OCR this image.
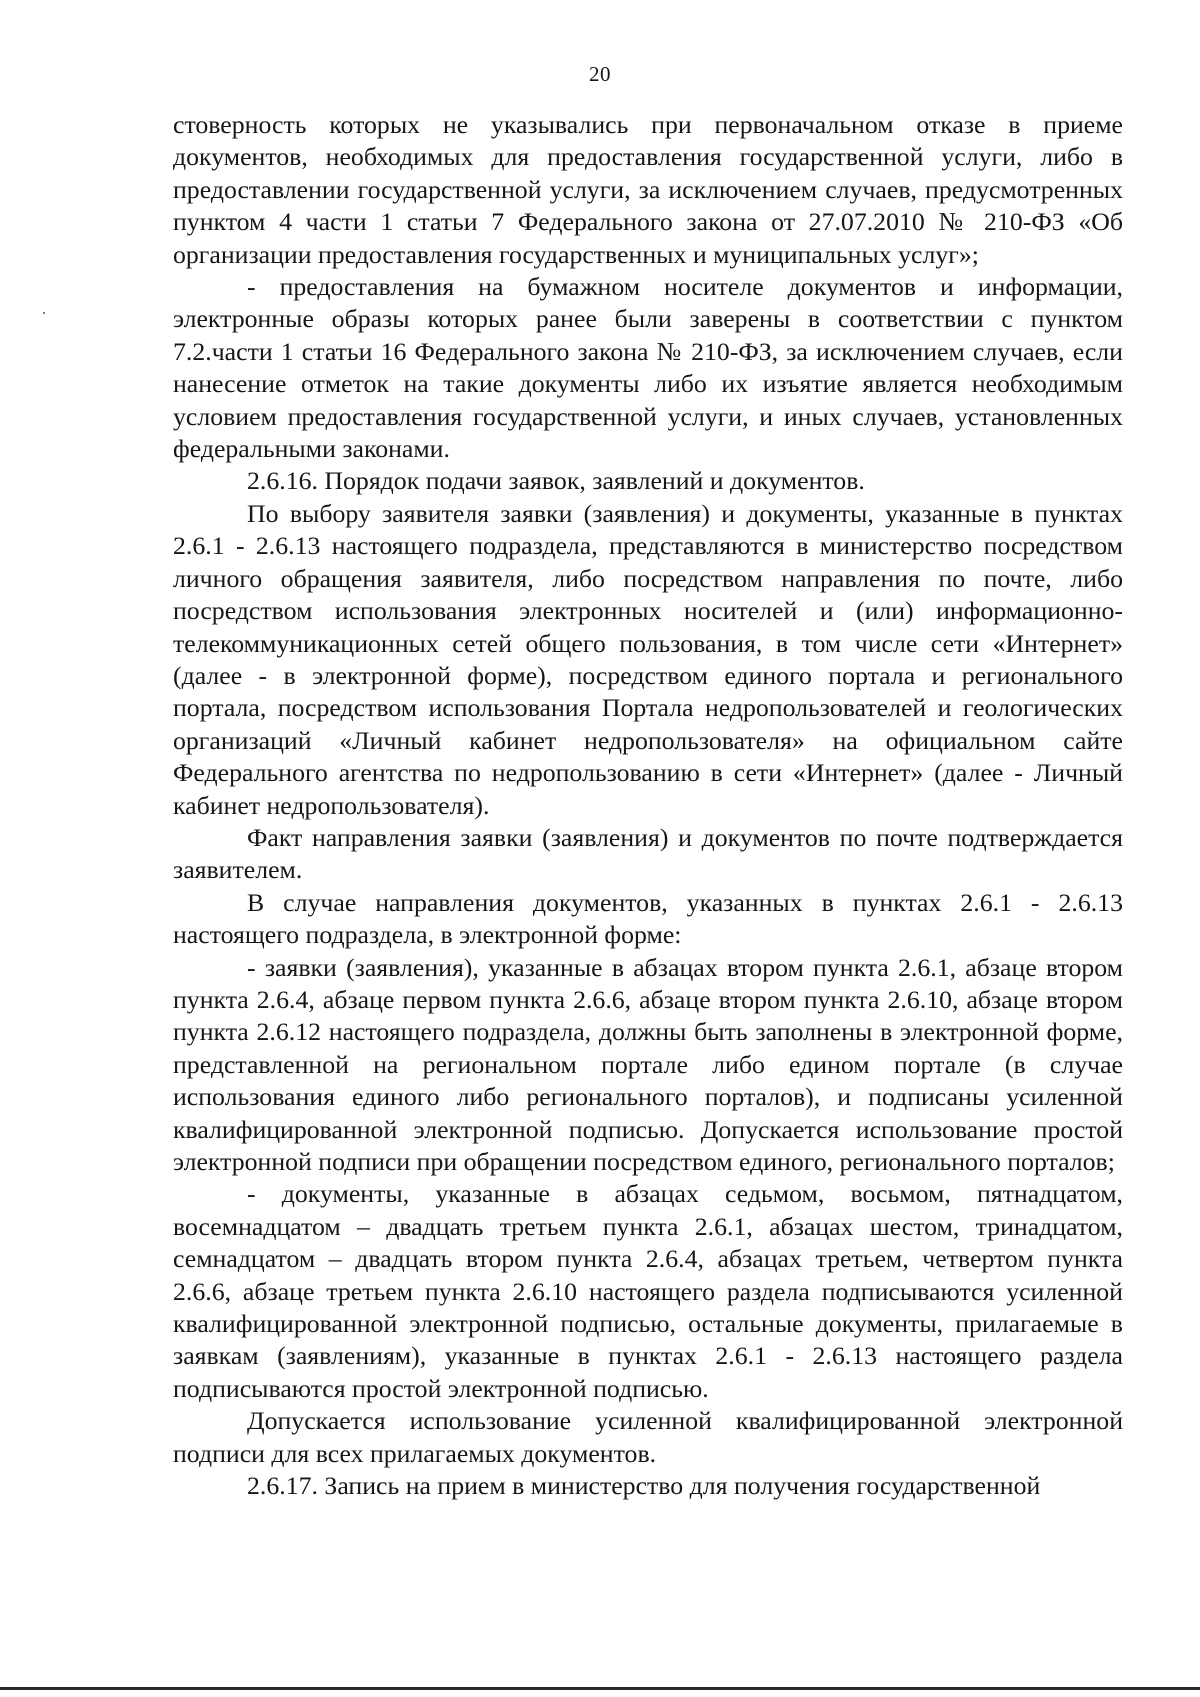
20

стоверность которых не указывались при первоначальном отказе в приеме документов, необходимых для предоставления государственной услуги, либо в предоставлении государственной услуги, за исключением случаев, предусмотренных пунктом 4 части 1 статьи 7 Федерального закона от 27.07.2010 № 210-ФЗ «Об организации предоставления государственных и муниципальных услуг»;

- предоставления на бумажном носителе документов и информации, электронные образы которых ранее были заверены в соответствии с пунктом 7.2.части 1 статьи 16 Федерального закона № 210-ФЗ, за исключением случаев, если нанесение отметок на такие документы либо их изъятие является необходимым условием предоставления государственной услуги, и иных случаев, установленных федеральными законами.

2.6.16. Порядок подачи заявок, заявлений и документов.

По выбору заявителя заявки (заявления) и документы, указанные в пунктах 2.6.1 - 2.6.13 настоящего подраздела, представляются в министерство посредством личного обращения заявителя, либо посредством направления по почте, либо посредством использования электронных носителей и (или) информационно-телекоммуникационных сетей общего пользования, в том числе сети «Интернет» (далее - в электронной форме), посредством единого портала и регионального портала, посредством использования Портала недропользователей и геологических организаций «Личный кабинет недропользователя» на официальном сайте Федерального агентства по недропользованию в сети «Интернет» (далее - Личный кабинет недропользователя).

Факт направления заявки (заявления) и документов по почте подтверждается заявителем.

В случае направления документов, указанных в пунктах 2.6.1 - 2.6.13 настоящего подраздела, в электронной форме:

- заявки (заявления), указанные в абзацах втором пункта 2.6.1, абзаце втором пункта 2.6.4, абзаце первом пункта 2.6.6, абзаце втором пункта 2.6.10, абзаце втором пункта 2.6.12 настоящего подраздела, должны быть заполнены в электронной форме, представленной на региональном портале либо едином портале (в случае использования единого либо регионального порталов), и подписаны усиленной квалифицированной электронной подписью. Допускается использование простой электронной подписи при обращении посредством единого, регионального порталов;

- документы, указанные в абзацах седьмом, восьмом, пятнадцатом, восемнадцатом – двадцать третьем пункта 2.6.1, абзацах шестом, тринадцатом, семнадцатом – двадцать втором пункта 2.6.4, абзацах третьем, четвертом пункта 2.6.6, абзаце третьем пункта 2.6.10 настоящего раздела подписываются усиленной квалифицированной электронной подписью, остальные документы, прилагаемые в заявкам (заявлениям), указанные в пунктах 2.6.1 - 2.6.13 настоящего раздела подписываются простой электронной подписью.

Допускается использование усиленной квалифицированной электронной подписи для всех прилагаемых документов.

2.6.17. Запись на прием в министерство для получения государственной
